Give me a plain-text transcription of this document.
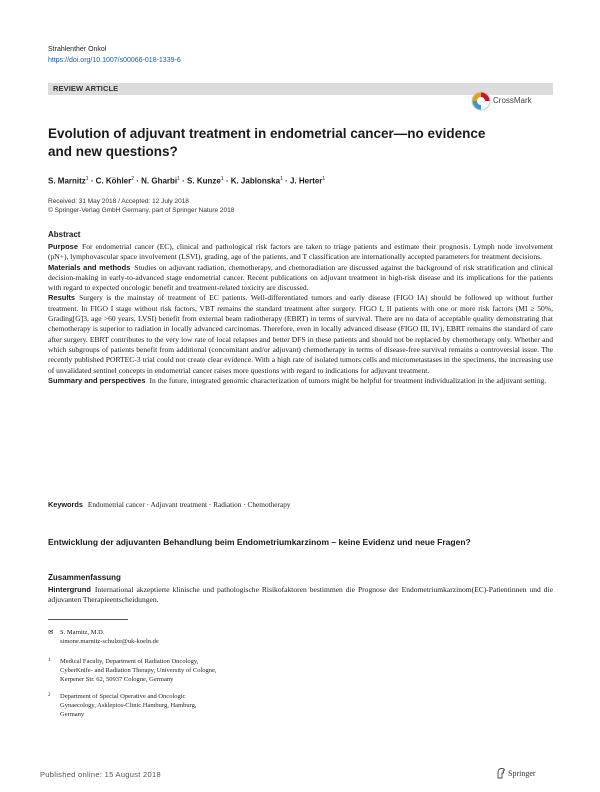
Strahlenther Onkol
https://doi.org/10.1007/s00066-018-1339-6
REVIEW ARTICLE
CrossMark
Evolution of adjuvant treatment in endometrial cancer—no evidence
and new questions?
S. Marnitz$^1$ · C. Köhler$^2$ · N. Gharbi$^1$ · S. Kunze$^1$ · K. Jablonska$^1$ · J. Herter$^1$
Received: 31 May 2018 / Accepted: 12 July 2018
© Springer-Verlag GmbH Germany, part of Springer Nature 2018
Abstract

Purpose For endometrial cancer (EC), clinical and pathological risk factors are taken to triage patients and estimate their prognosis. Lymph node involvement (pN+), lymphovascular space involvement (LSVI), grading, age of the patients, and T classification are internationally accepted parameters for treatment decisions.

Materials and methods Studies on adjuvant radiation, chemotherapy, and chemoradiation are discussed against the background of risk stratification and clinical decision-making in early-to-advanced stage endometrial cancer. Recent publications on adjuvant treatment in high-risk disease and its implications for the patients with regard to expected oncologic benefit and treatment-related toxicity are discussed.

Results Surgery is the mainstay of treatment of EC patients. Well-differentiated tumors and early disease (FIGO IA) should be followed up without further treatment. In FIGO I stage without risk factors, VBT remains the standard treatment after surgery. FIGO I, II patients with one or more risk factors (MI ≥ 50%, Grading[G]3, age >60 years, LVSI) benefit from external beam radiotherapy (EBRT) in terms of survival. There are no data of acceptable quality demonstrating that chemotherapy is superior to radiation in locally advanced carcinomas. Therefore, even in locally advanced disease (FIGO III, IV), EBRT remains the standard of care after surgery. EBRT contributes to the very low rate of local relapses and better DFS in these patients and should not be replaced by chemotherapy only. Whether and which subgroups of patients benefit from additional (concomitant and/or adjuvant) chemotherapy in terms of disease-free survival remains a controversial issue. The recently published PORTEC-3 trial could not create clear evidence. With a high rate of isolated tumors cells and micrometastases in the specimens, the increasing use of unvalidated sentinel concepts in endometrial cancer raises more questions with regard to indications for adjuvant treatment.

Summary and perspectives In the future, integrated genomic characterization of tumors might be helpful for treatment individualization in the adjuvant setting.

Keywords Endometrial cancer · Adjuvant treatment · Radiation · Chemotherapy
Entwicklung der adjuvanten Behandlung beim Endometriumkarzinom – keine Evidenz und neue Fragen?
Zusammenfassung

Hintergrund International akzeptierte klinische und pathologische Risikofaktoren bestimmen die Prognose der Endometriumkarzinom(EC)-Patientinnen und die adjuvanten Therapieentscheidungen.

✉ S. Marnitz, M.D.
simone.marnitz-schulze@uk-koeln.de
1 Medical Faculty, Department of Radiation Oncology,
CyberKnife- and Radiation Therapy, University of Cologne,
Kerpener Str. 62, 50937 Cologne, Germany
2 Department of Special Operative and Oncologic
Gynaecology, Asklepios-Clinic Hamburg, Hamburg,
Germany
Published online: 15 August 2018	Springer
